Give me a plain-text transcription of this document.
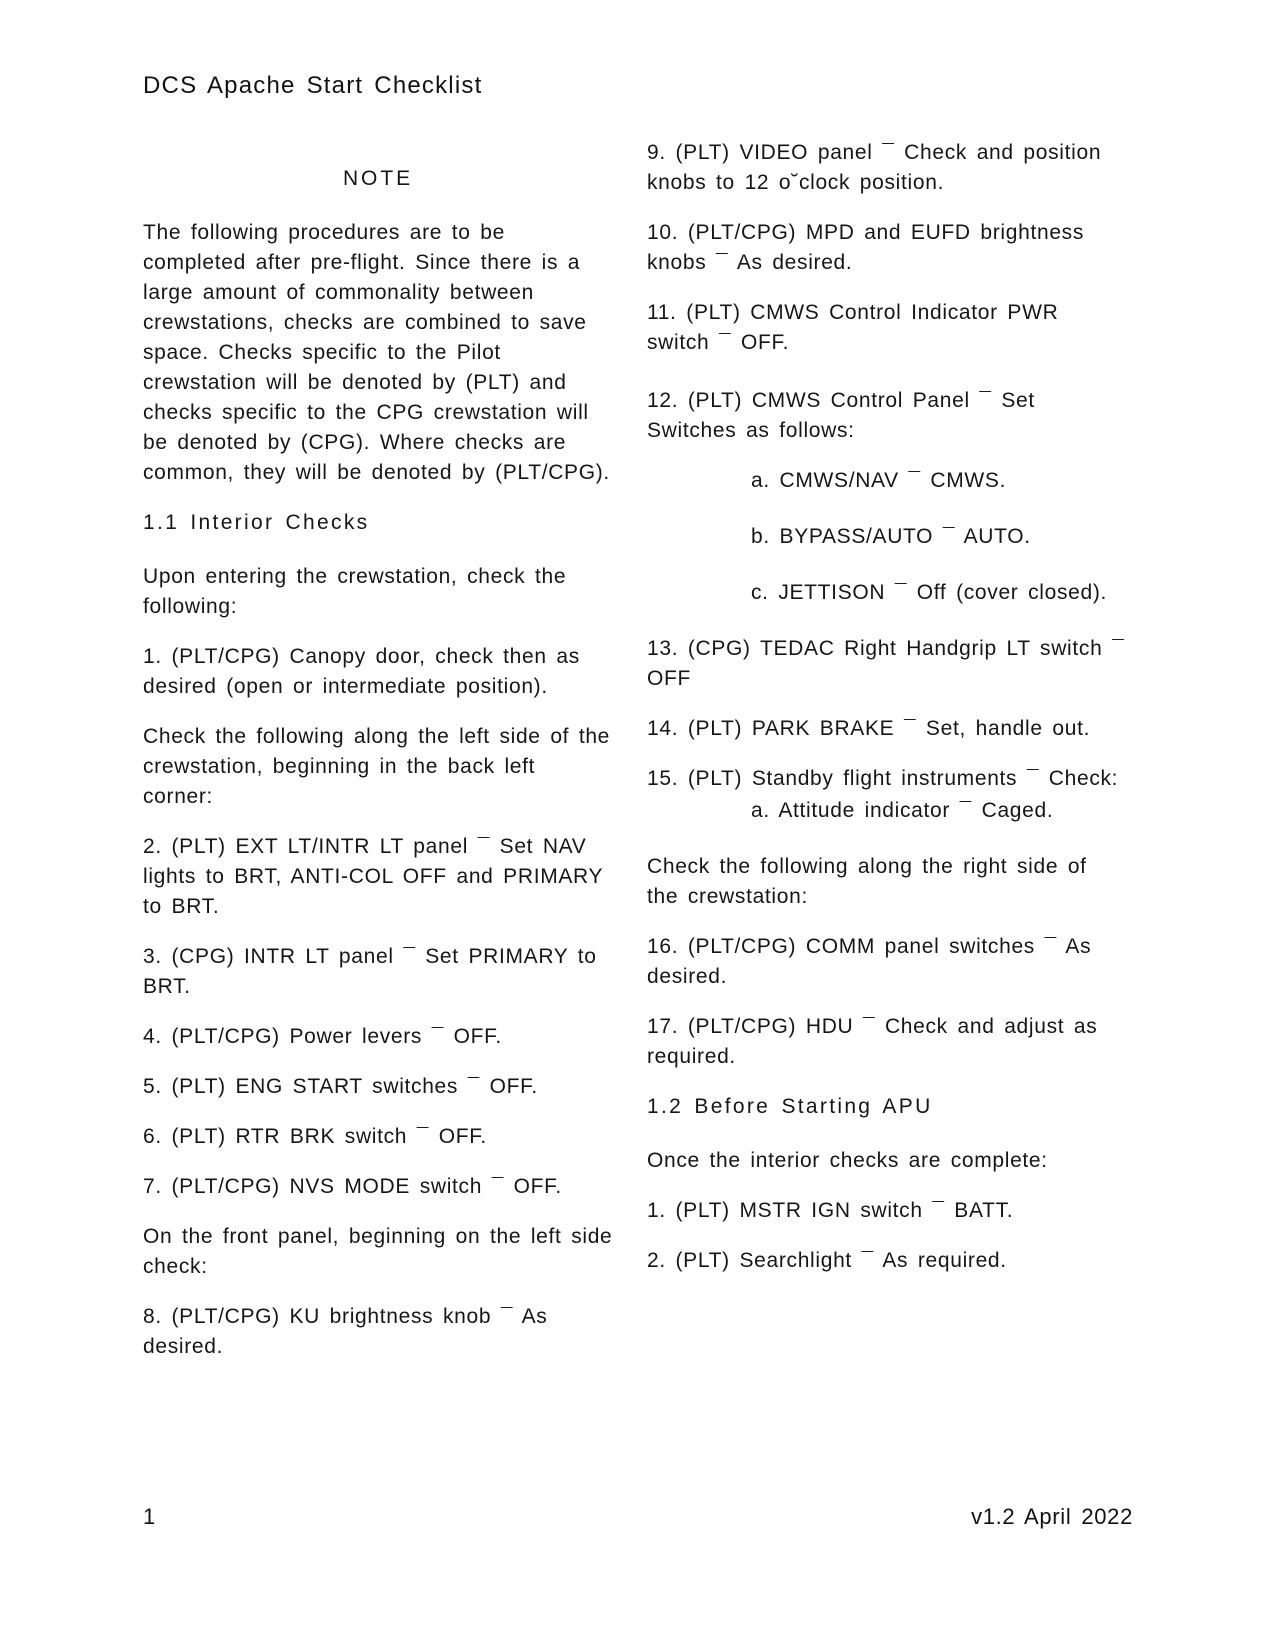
DCS Apache Start Checklist
NOTE

The following procedures are to be completed after pre-flight. Since there is a large amount of commonality between crewstations, checks are combined to save space. Checks specific to the Pilot crewstation will be denoted by (PLT) and checks specific to the CPG crewstation will be denoted by (CPG). Where checks are common, they will be denoted by (PLT/CPG).

1.1 Interior Checks

Upon entering the crewstation, check the following:

1. (PLT/CPG) Canopy door, check then as desired (open or intermediate position).

Check the following along the left side of the crewstation, beginning in the back left corner:

2. (PLT) EXT LT/INTR LT panel ¯ Set NAV lights to BRT, ANTI-COL OFF and PRIMARY to BRT.

3. (CPG) INTR LT panel ¯ Set PRIMARY to BRT.

4. (PLT/CPG) Power levers ¯ OFF.

5. (PLT) ENG START switches ¯ OFF.

6. (PLT) RTR BRK switch ¯ OFF.

7. (PLT/CPG) NVS MODE switch ¯ OFF.

On the front panel, beginning on the left side check:

8. (PLT/CPG) KU brightness knob ¯ As desired.

9. (PLT) VIDEO panel ¯ Check and position knobs to 12 o˘clock position.

10. (PLT/CPG) MPD and EUFD brightness knobs ¯ As desired.

11. (PLT) CMWS Control Indicator PWR switch ¯ OFF.

12. (PLT) CMWS Control Panel ¯ Set Switches as follows:

a. CMWS/NAV ¯ CMWS.

b. BYPASS/AUTO ¯ AUTO.

c. JETTISON ¯ Off (cover closed).

13. (CPG) TEDAC Right Handgrip LT switch ¯ OFF

14. (PLT) PARK BRAKE ¯ Set, handle out.

15. (PLT) Standby flight instruments ¯ Check:

a. Attitude indicator ¯ Caged.

Check the following along the right side of the crewstation:

16. (PLT/CPG) COMM panel switches ¯ As desired.

17. (PLT/CPG) HDU ¯ Check and adjust as required.

1.2 Before Starting APU

Once the interior checks are complete:

1. (PLT) MSTR IGN switch ¯ BATT.

2. (PLT) Searchlight ¯ As required.

1	v1.2 April 2022
